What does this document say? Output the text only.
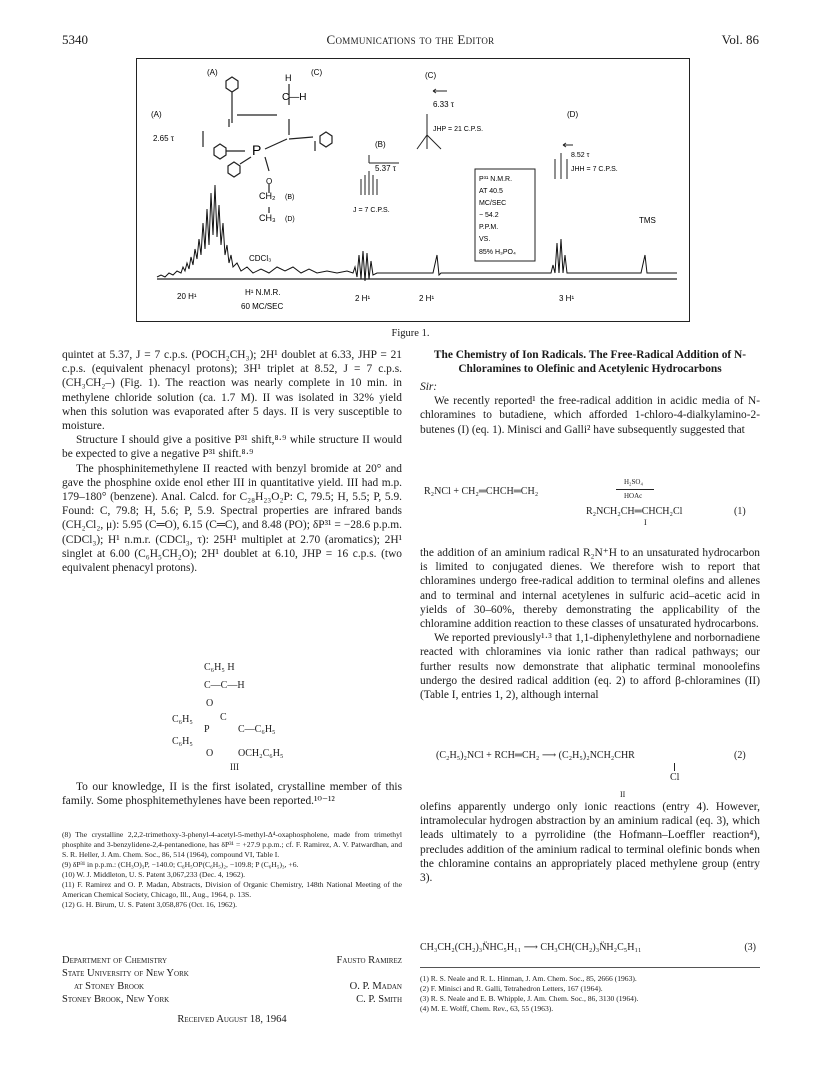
5340	Communications to the Editor	Vol. 86
(A)	(C)
H
C—H
(A)
2.65 τ
P
CH₂ (B)
CH₃ (D)
O
(B)
5.37 τ
J = 7 C.P.S.
(C)
6.33 τ
JHP = 21 C.P.S.
P³¹ N.M.R.
AT 40.5
MC/SEC
− 54.2
P.P.M.
VS.
85% H₃PO₄
(D)
8.52 τ
JHH = 7 C.P.S.
TMS
CDCl₃
20 H¹	H¹ N.M.R.
60 MC/SEC
2 H¹	2 H¹	3 H¹
Figure 1.

quintet at 5.37, J = 7 c.p.s. (POCH₂CH₃); 2H¹ doublet at 6.33, JHP = 21 c.p.s. (equivalent phenacyl protons); 3H¹ triplet at 8.52, J = 7 c.p.s. (CH₃CH₂–) (Fig. 1). The reaction was nearly complete in 10 min. in methylene chloride solution (ca. 1.7 M). II was isolated in 32% yield when this solution was evaporated after 5 days. II is very susceptible to moisture.

Structure I should give a positive P³¹ shift,⁸·⁹ while structure II would be expected to give a negative P³¹ shift.⁸·⁹

The phosphinitemethylene II reacted with benzyl bromide at 20° and gave the phosphine oxide enol ether III in quantitative yield. III had m.p. 179–180° (benzene). Anal. Calcd. for C₂₈H₂₃O₂P: C, 79.5; H, 5.5; P, 5.9. Found: C, 79.8; H, 5.6; P, 5.9. Spectral properties are infrared bands (CH₂Cl₂, μ): 5.95 (C═O), 6.15 (C═C), and 8.48 (PO); δP³¹ = −28.6 p.p.m. (CDCl₃); H¹ n.m.r. (CDCl₃, τ): 25H¹ multiplet at 2.70 (aromatics); 2H¹ singlet at 6.00 (C₆H₅CH₂O); 2H¹ doublet at 6.10, JHP = 16 c.p.s. (two equivalent phenacyl protons).

C₆H₅ H
C—C—H
O
C₆H₅	C
P	C—C₆H₅
C₆H₅
O OCH₂C₆H₅
III

To our knowledge, II is the first isolated, crystalline member of this family. Some phosphitemethylenes have been reported.¹⁰⁻¹²

(8) The crystalline 2,2,2-trimethoxy-3-phenyl-4-acetyl-5-methyl-Δ⁴-oxaphospholene, made from trimethyl phosphite and 3-benzylidene-2,4-pentanedione, has δP³¹ = +27.9 p.p.m.; cf. F. Ramirez, A. V. Patwardhan, and S. R. Heller, J. Am. Chem. Soc., 86, 514 (1964), compound VI, Table I.

(9) δP³¹ in p.p.m.: (CH₃O)₃P, −140.0; C₆H₅OP(C₆H₅)₂, −109.8; P (C₆H₅)₃, +6.

(10) W. J. Middleton, U. S. Patent 3,067,233 (Dec. 4, 1962).

(11) F. Ramirez and O. P. Madan, Abstracts, Division of Organic Chemistry, 148th National Meeting of the American Chemical Society, Chicago, Ill., Aug., 1964, p. 13S.

(12) G. H. Birum, U. S. Patent 3,058,876 (Oct. 16, 1962).

Department of Chemistry
State University of New York
at Stoney Brook
Stoney Brook, New York
Fausto Ramirez
O. P. Madan
C. P. Smith
Received August 18, 1964

The Chemistry of Ion Radicals. The Free-Radical Addition of N-Chloramines to Olefinic and Acetylenic Hydrocarbons

Sir:

We recently reported¹ the free-radical addition in acidic media of N-chloramines to butadiene, which afforded 1-chloro-4-dialkylamino-2-butenes (I) (eq. 1). Minisci and Galli² have subsequently suggested that

R₂NCl + CH₂═CHCH═CH₂
H₂SO₄
HOAc
R₂NCH₂CH═CHCH₂Cl	(1)
I

the addition of an aminium radical R₂N⁺H to an unsaturated hydrocarbon is limited to conjugated dienes. We therefore wish to report that chloramines undergo free-radical addition to terminal olefins and allenes and to terminal and internal acetylenes in sulfuric acid–acetic acid in yields of 30–60%, thereby demonstrating the applicability of the chloramine addition reaction to these classes of unsaturated hydrocarbons.

We reported previously¹·³ that 1,1-diphenylethylene and norbornadiene reacted with chloramines via ionic rather than radical pathways; our further results now demonstrate that aliphatic terminal monoolefins undergo the desired radical addition (eq. 2) to afford β-chloramines (II) (Table I, entries 1, 2), although internal

(C₂H₅)₂NCl + RCH═CH₂ ⟶ (C₂H₅)₂NCH₂CHR	(2)
Cl
II

olefins apparently undergo only ionic reactions (entry 4). However, intramolecular hydrogen abstraction by an aminium radical (eq. 3), which leads ultimately to a pyrrolidine (the Hofmann–Loeffler reaction⁴), precludes addition of the aminium radical to terminal olefinic bonds when the chloramine contains an appropriately placed methylene group (entry 3).

CH₃CH₂(CH₂)₃N̈HC₅H₁₁ ⟶ CH₃CH(CH₂)₃N̈H₂C₅H₁₁	(3)

(1) R. S. Neale and R. L. Hinman, J. Am. Chem. Soc., 85, 2666 (1963).

(2) F. Minisci and R. Galli, Tetrahedron Letters, 167 (1964).

(3) R. S. Neale and E. B. Whipple, J. Am. Chem. Soc., 86, 3130 (1964).

(4) M. E. Wolff, Chem. Rev., 63, 55 (1963).
